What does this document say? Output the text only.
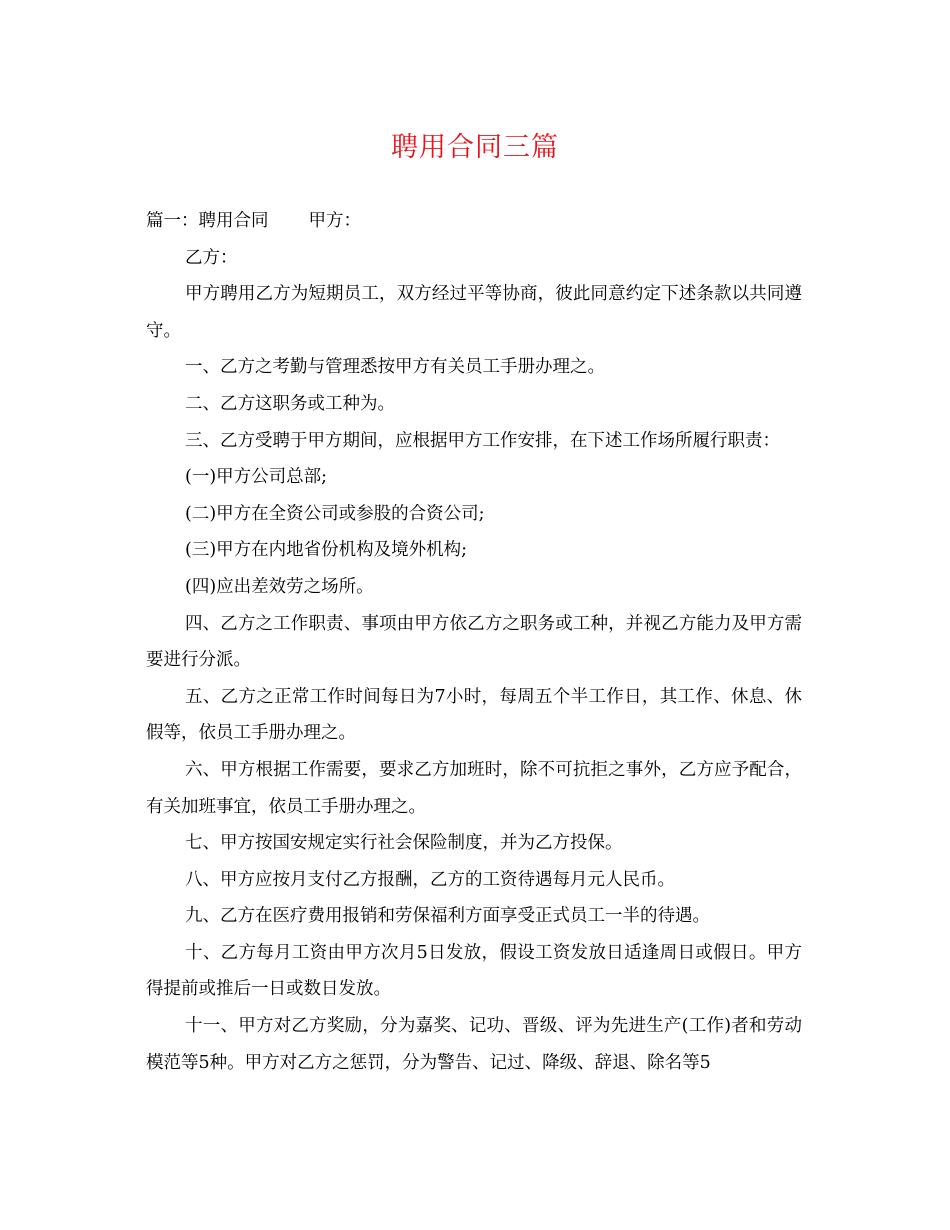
聘用合同三篇

篇一：聘用合同 甲方：

乙方：

甲方聘用乙方为短期员工，双方经过平等协商，彼此同意约定下述条款以共同遵守。

一、乙方之考勤与管理悉按甲方有关员工手册办理之。

二、乙方这职务或工种为。

三、乙方受聘于甲方期间，应根据甲方工作安排，在下述工作场所履行职责：

(一)甲方公司总部;

(二)甲方在全资公司或参股的合资公司;

(三)甲方在内地省份机构及境外机构;

(四)应出差效劳之场所。

四、乙方之工作职责、事项由甲方依乙方之职务或工种，并视乙方能力及甲方需要进行分派。

五、乙方之正常工作时间每日为7小时，每周五个半工作日，其工作、休息、休假等，依员工手册办理之。

六、甲方根据工作需要，要求乙方加班时，除不可抗拒之事外，乙方应予配合，有关加班事宜，依员工手册办理之。

七、甲方按国安规定实行社会保险制度，并为乙方投保。

八、甲方应按月支付乙方报酬，乙方的工资待遇每月元人民币。

九、乙方在医疗费用报销和劳保福利方面享受正式员工一半的待遇。

十、乙方每月工资由甲方次月5日发放，假设工资发放日适逢周日或假日。甲方得提前或推后一日或数日发放。

十一、甲方对乙方奖励，分为嘉奖、记功、晋级、评为先进生产(工作)者和劳动模范等5种。甲方对乙方之惩罚，分为警告、记过、降级、辞退、除名等5
